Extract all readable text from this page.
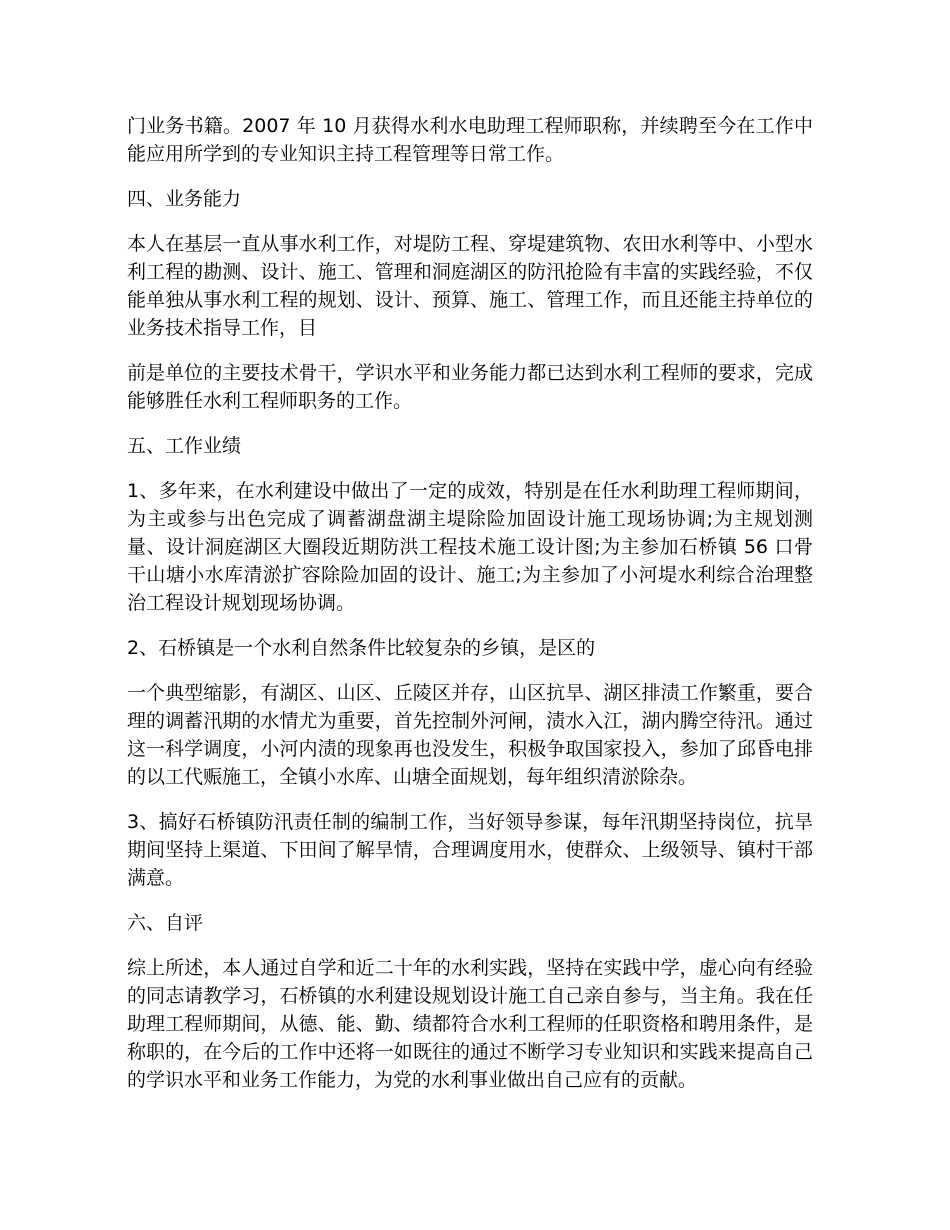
门业务书籍。2007 年 10 月获得水利水电助理工程师职称，并续聘至今在工作中能应用所学到的专业知识主持工程管理等日常工作。

四、业务能力

本人在基层一直从事水利工作，对堤防工程、穿堤建筑物、农田水利等中、小型水利工程的勘测、设计、施工、管理和洞庭湖区的防汛抢险有丰富的实践经验，不仅能单独从事水利工程的规划、设计、预算、施工、管理工作，而且还能主持单位的业务技术指导工作，目

前是单位的主要技术骨干，学识水平和业务能力都已达到水利工程师的要求，完成能够胜任水利工程师职务的工作。

五、工作业绩

1、多年来，在水利建设中做出了一定的成效，特别是在任水利助理工程师期间，为主或参与出色完成了调蓄湖盘湖主堤除险加固设计施工现场协调;为主规划测量、设计洞庭湖区大圈段近期防洪工程技术施工设计图;为主参加石桥镇 56 口骨干山塘小水库清淤扩容除险加固的设计、施工;为主参加了小河堤水利综合治理整治工程设计规划现场协调。

2、石桥镇是一个水利自然条件比较复杂的乡镇，是区的

一个典型缩影，有湖区、山区、丘陵区并存，山区抗旱、湖区排渍工作繁重，要合理的调蓄汛期的水情尤为重要，首先控制外河闸，渍水入江，湖内腾空待汛。通过这一科学调度，小河内渍的现象再也没发生，积极争取国家投入，参加了邱昏电排的以工代赈施工，全镇小水库、山塘全面规划，每年组织清淤除杂。

3、搞好石桥镇防汛责任制的编制工作，当好领导参谋，每年汛期坚持岗位，抗旱期间坚持上渠道、下田间了解旱情，合理调度用水，使群众、上级领导、镇村干部满意。

六、自评

综上所述，本人通过自学和近二十年的水利实践，坚持在实践中学，虚心向有经验的同志请教学习，石桥镇的水利建设规划设计施工自己亲自参与，当主角。我在任助理工程师期间，从德、能、勤、绩都符合水利工程师的任职资格和聘用条件，是称职的，在今后的工作中还将一如既往的通过不断学习专业知识和实践来提高自己的学识水平和业务工作能力，为党的水利事业做出自己应有的贡献。
